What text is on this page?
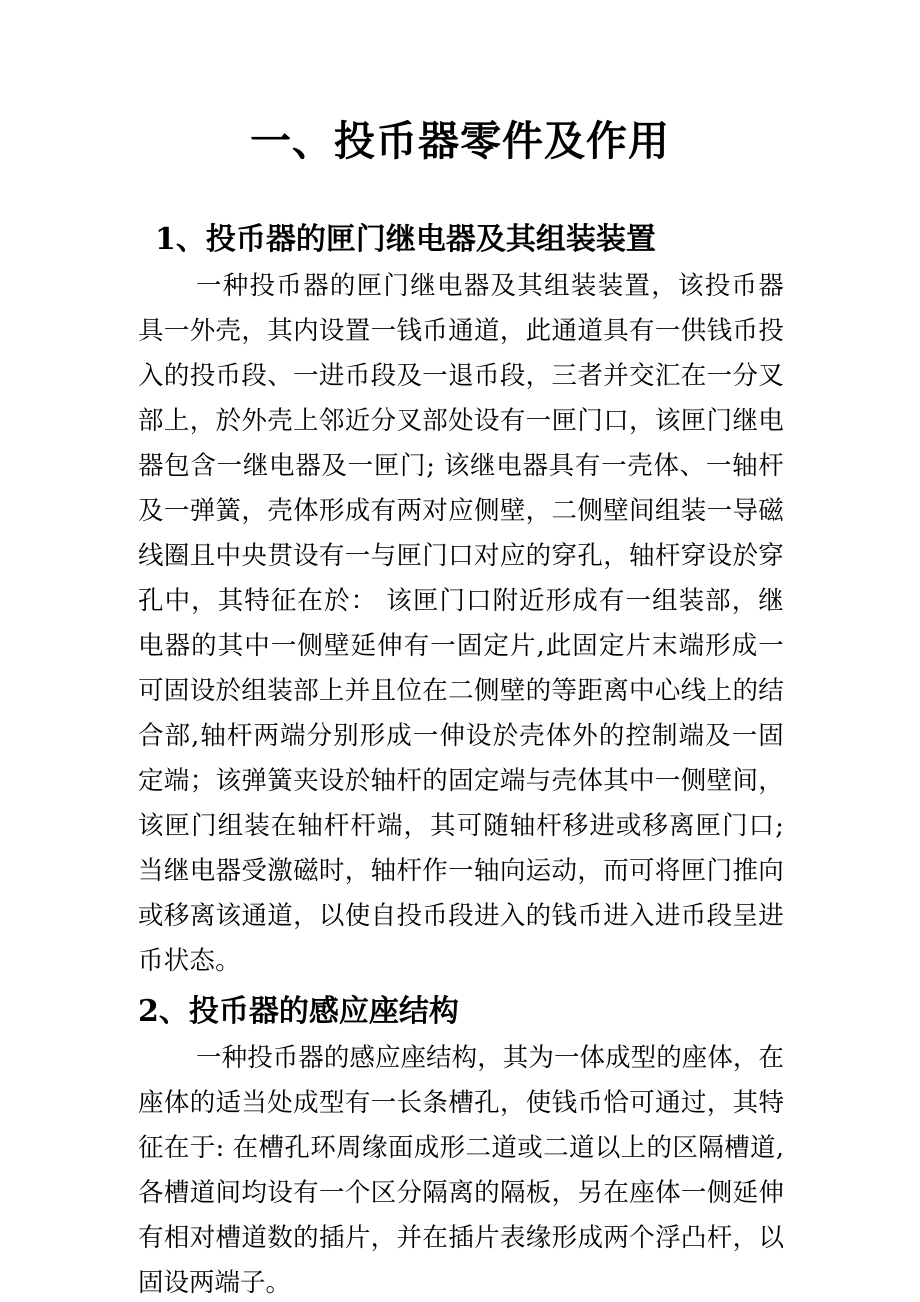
一、投币器零件及作用
1、投币器的匣门继电器及其组装装置
一种投币器的匣门继电器及其组装装置，该投币器具一外壳，其内设置一钱币通道，此通道具有一供钱币投入的投币段、一进币段及一退币段，三者并交汇在一分叉部上，於外壳上邻近分叉部处设有一匣门口，该匣门继电器包含一继电器及一匣门; 该继电器具有一壳体、一轴杆及一弹簧，壳体形成有两对应侧壁，二侧壁间组装一导磁线圈且中央贯设有一与匣门口对应的穿孔，轴杆穿设於穿孔中，其特征在於： 该匣门口附近形成有一组装部，继电器的其中一侧壁延伸有一固定片,此固定片末端形成一可固设於组装部上并且位在二侧壁的等距离中心线上的结合部,轴杆两端分别形成一伸设於壳体外的控制端及一固定端；该弹簧夹设於轴杆的固定端与壳体其中一侧壁间，该匣门组装在轴杆杆端，其可随轴杆移进或移离匣门口; 当继电器受激磁时，轴杆作一轴向运动，而可将匣门推向或移离该通道，以使自投币段进入的钱币进入进币段呈进币状态。
2、投币器的感应座结构
一种投币器的感应座结构，其为一体成型的座体，在座体的适当处成型有一长条槽孔，使钱币恰可通过，其特征在于: 在槽孔环周缘面成形二道或二道以上的区隔槽道,各槽道间均设有一个区分隔离的隔板，另在座体一侧延伸有相对槽道数的插片，并在插片表缘形成两个浮凸杆，以固设两端子。
